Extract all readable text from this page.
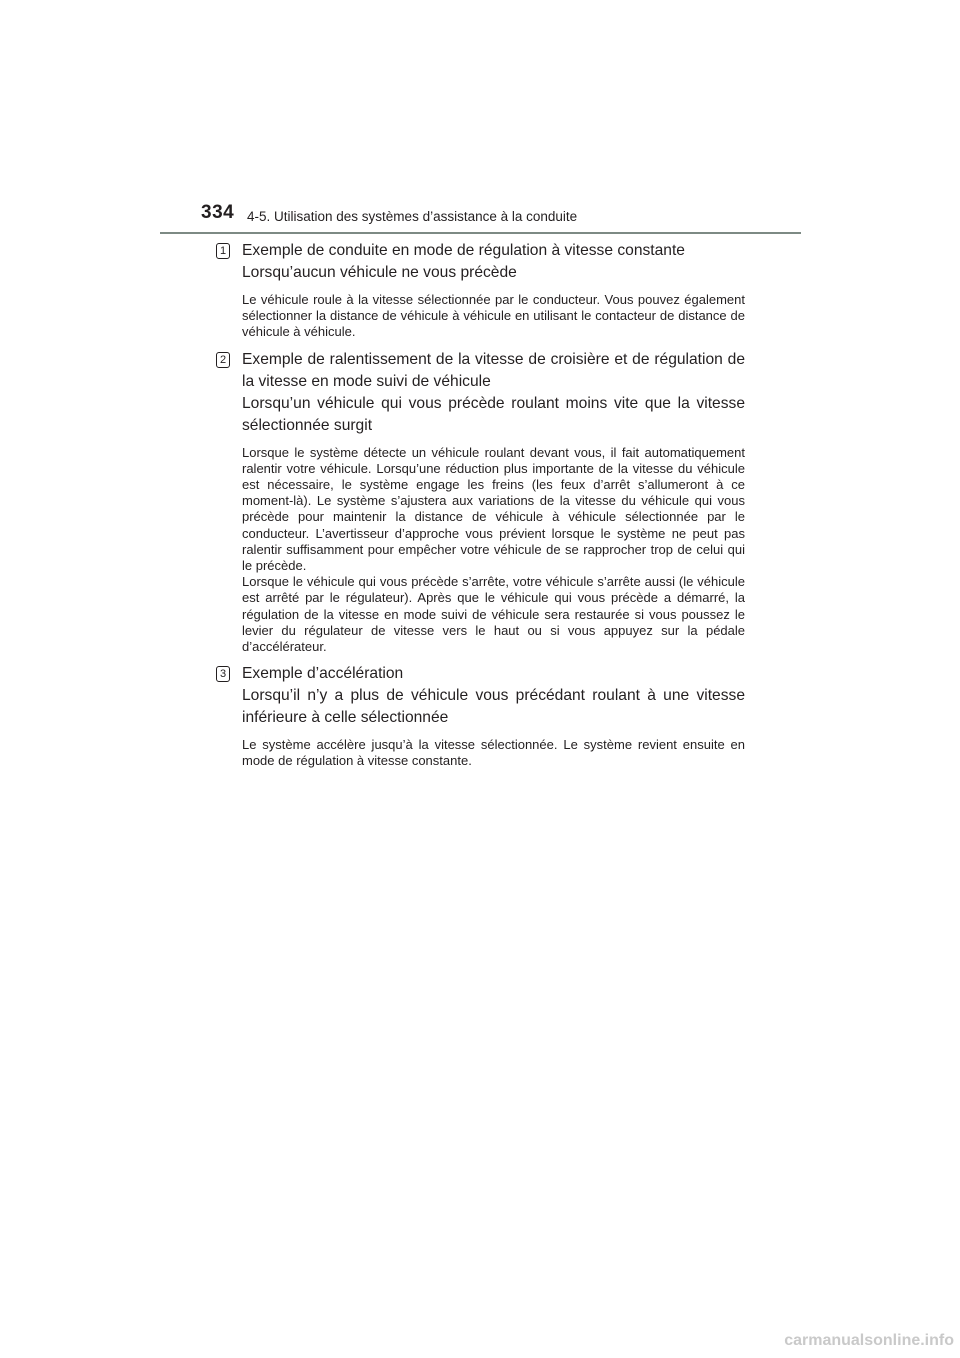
334 4-5. Utilisation des systèmes d’assistance à la conduite
1 Exemple de conduite en mode de régulation à vitesse constante
Lorsqu’aucun véhicule ne vous précède

Le véhicule roule à la vitesse sélectionnée par le conducteur. Vous pouvez également sélectionner la distance de véhicule à véhicule en utilisant le contacteur de distance de véhicule à véhicule.

2 Exemple de ralentissement de la vitesse de croisière et de régulation de la vitesse en mode suivi de véhicule
Lorsqu’un véhicule qui vous précède roulant moins vite que la vitesse sélectionnée surgit

Lorsque le système détecte un véhicule roulant devant vous, il fait automatiquement ralentir votre véhicule. Lorsqu’une réduction plus importante de la vitesse du véhicule est nécessaire, le système engage les freins (les feux d’arrêt s’allumeront à ce moment-là). Le système s’ajustera aux variations de la vitesse du véhicule qui vous précède pour maintenir la distance de véhicule à véhicule sélectionnée par le conducteur. L’avertisseur d’approche vous prévient lorsque le système ne peut pas ralentir suffisamment pour empêcher votre véhicule de se rapprocher trop de celui qui le précède.

Lorsque le véhicule qui vous précède s’arrête, votre véhicule s’arrête aussi (le véhicule est arrêté par le régulateur). Après que le véhicule qui vous précède a démarré, la régulation de la vitesse en mode suivi de véhicule sera restaurée si vous poussez le levier du régulateur de vitesse vers le haut ou si vous appuyez sur la pédale d’accélérateur.

3 Exemple d’accélération
Lorsqu’il n’y a plus de véhicule vous précédant roulant à une vitesse inférieure à celle sélectionnée

Le système accélère jusqu’à la vitesse sélectionnée. Le système revient ensuite en mode de régulation à vitesse constante.

carmanualsonline.info
